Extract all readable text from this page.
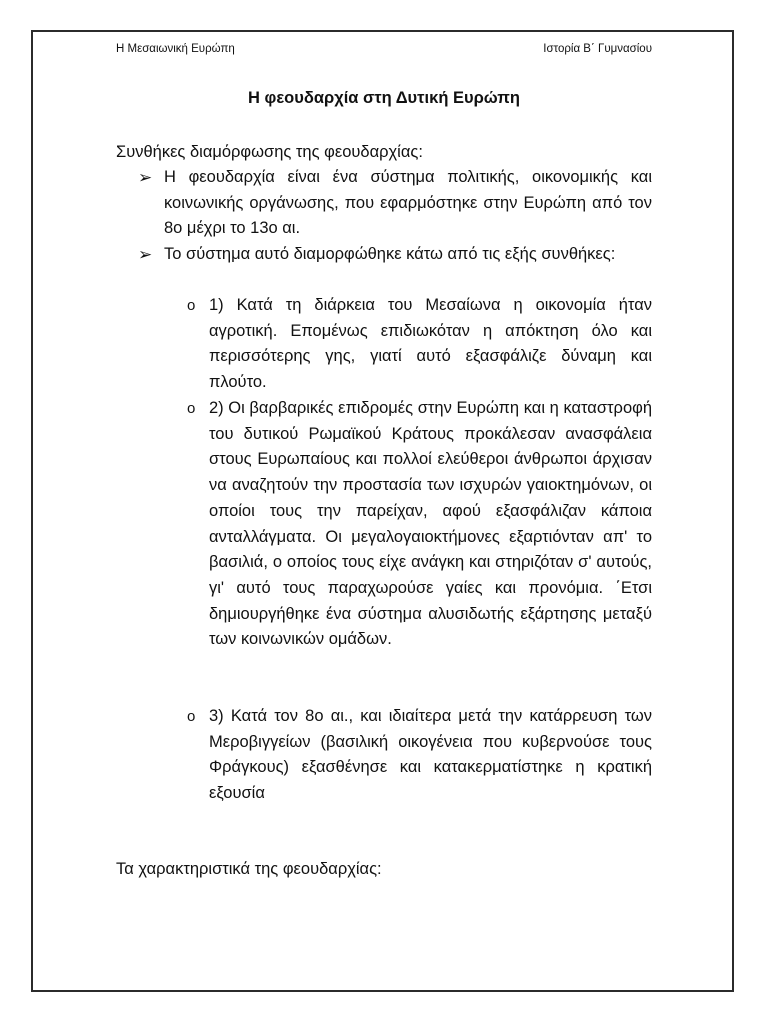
Η Μεσαιωνική Ευρώπη	Ιστορία Β΄ Γυμνασίου
Η φεουδαρχία στη Δυτική Ευρώπη
Συνθήκες διαμόρφωσης της φεουδαρχίας:
➢ Η φεουδαρχία είναι ένα σύστημα πολιτικής, οικονομικής και κοινωνικής οργάνωσης, που εφαρμόστηκε στην Ευρώπη από τον 8ο μέχρι το 13ο αι.
➢ Το σύστημα αυτό διαμορφώθηκε κάτω από τις εξής συνθήκες:
o 1) Κατά τη διάρκεια του Μεσαίωνα η οικονομία ήταν αγροτική. Επομένως επιδιωκόταν η απόκτηση όλο και περισσότερης γης, γιατί αυτό εξασφάλιζε δύναμη και πλούτο.
o 2) Οι βαρβαρικές επιδρομές στην Ευρώπη και η καταστροφή του δυτικού Ρωμαϊκού Κράτους προκάλεσαν ανασφάλεια στους Ευρωπαίους και πολλοί ελεύθεροι άνθρωποι άρχισαν να αναζητούν την προστασία των ισχυρών γαιοκτημόνων, οι οποίοι τους την παρείχαν, αφού εξασφάλιζαν κάποια ανταλλάγματα. Οι μεγαλογαιοκτήμονες εξαρτιόνταν απ' το βασιλιά, ο οποίος τους είχε ανάγκη και στηριζόταν σ' αυτούς, γι' αυτό τους παραχωρούσε γαίες και προνόμια. ΄Ετσι δημιουργήθηκε ένα σύστημα αλυσιδωτής εξάρτησης μεταξύ των κοινωνικών ομάδων.
o 3) Κατά τον 8ο αι., και ιδιαίτερα μετά την κατάρρευση των Μεροβιγγείων (βασιλική οικογένεια που κυβερνούσε τους Φράγκους) εξασθένησε και κατακερματίστηκε η κρατική εξουσία
Τα χαρακτηριστικά της φεουδαρχίας:
